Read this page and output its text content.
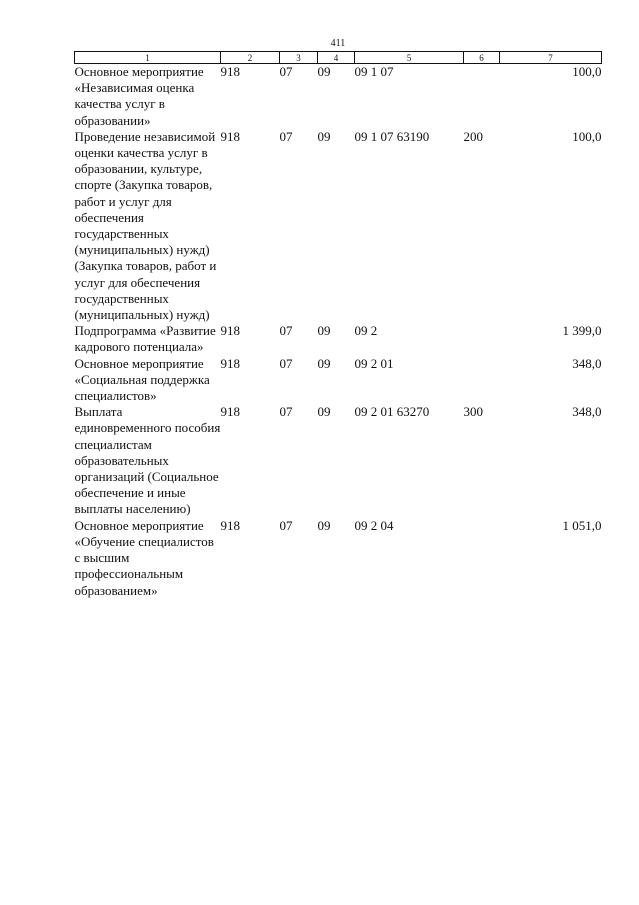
411
1	2	3	4	5	6	7
Основное мероприятие «Независимая оценка качества услуг в образовании»	918	07	09	09 1 07		100,0
Проведение независимой оценки качества услуг в образовании, культуре, спорте (Закупка товаров, работ и услуг для обеспечения государственных (муниципальных) нужд) (Закупка товаров, работ и услуг для обеспечения государственных (муниципальных) нужд)	918	07	09	09 1 07 63190	200	100,0
Подпрограмма «Развитие кадрового потенциала»	918	07	09	09 2		1 399,0
Основное мероприятие «Социальная поддержка специалистов»	918	07	09	09 2 01		348,0
Выплата единовременного пособия специалистам образовательных организаций (Социальное обеспечение и иные выплаты населению)	918	07	09	09 2 01 63270	300	348,0
Основное мероприятие «Обучение специалистов с высшим профессиональным образованием»	918	07	09	09 2 04		1 051,0
